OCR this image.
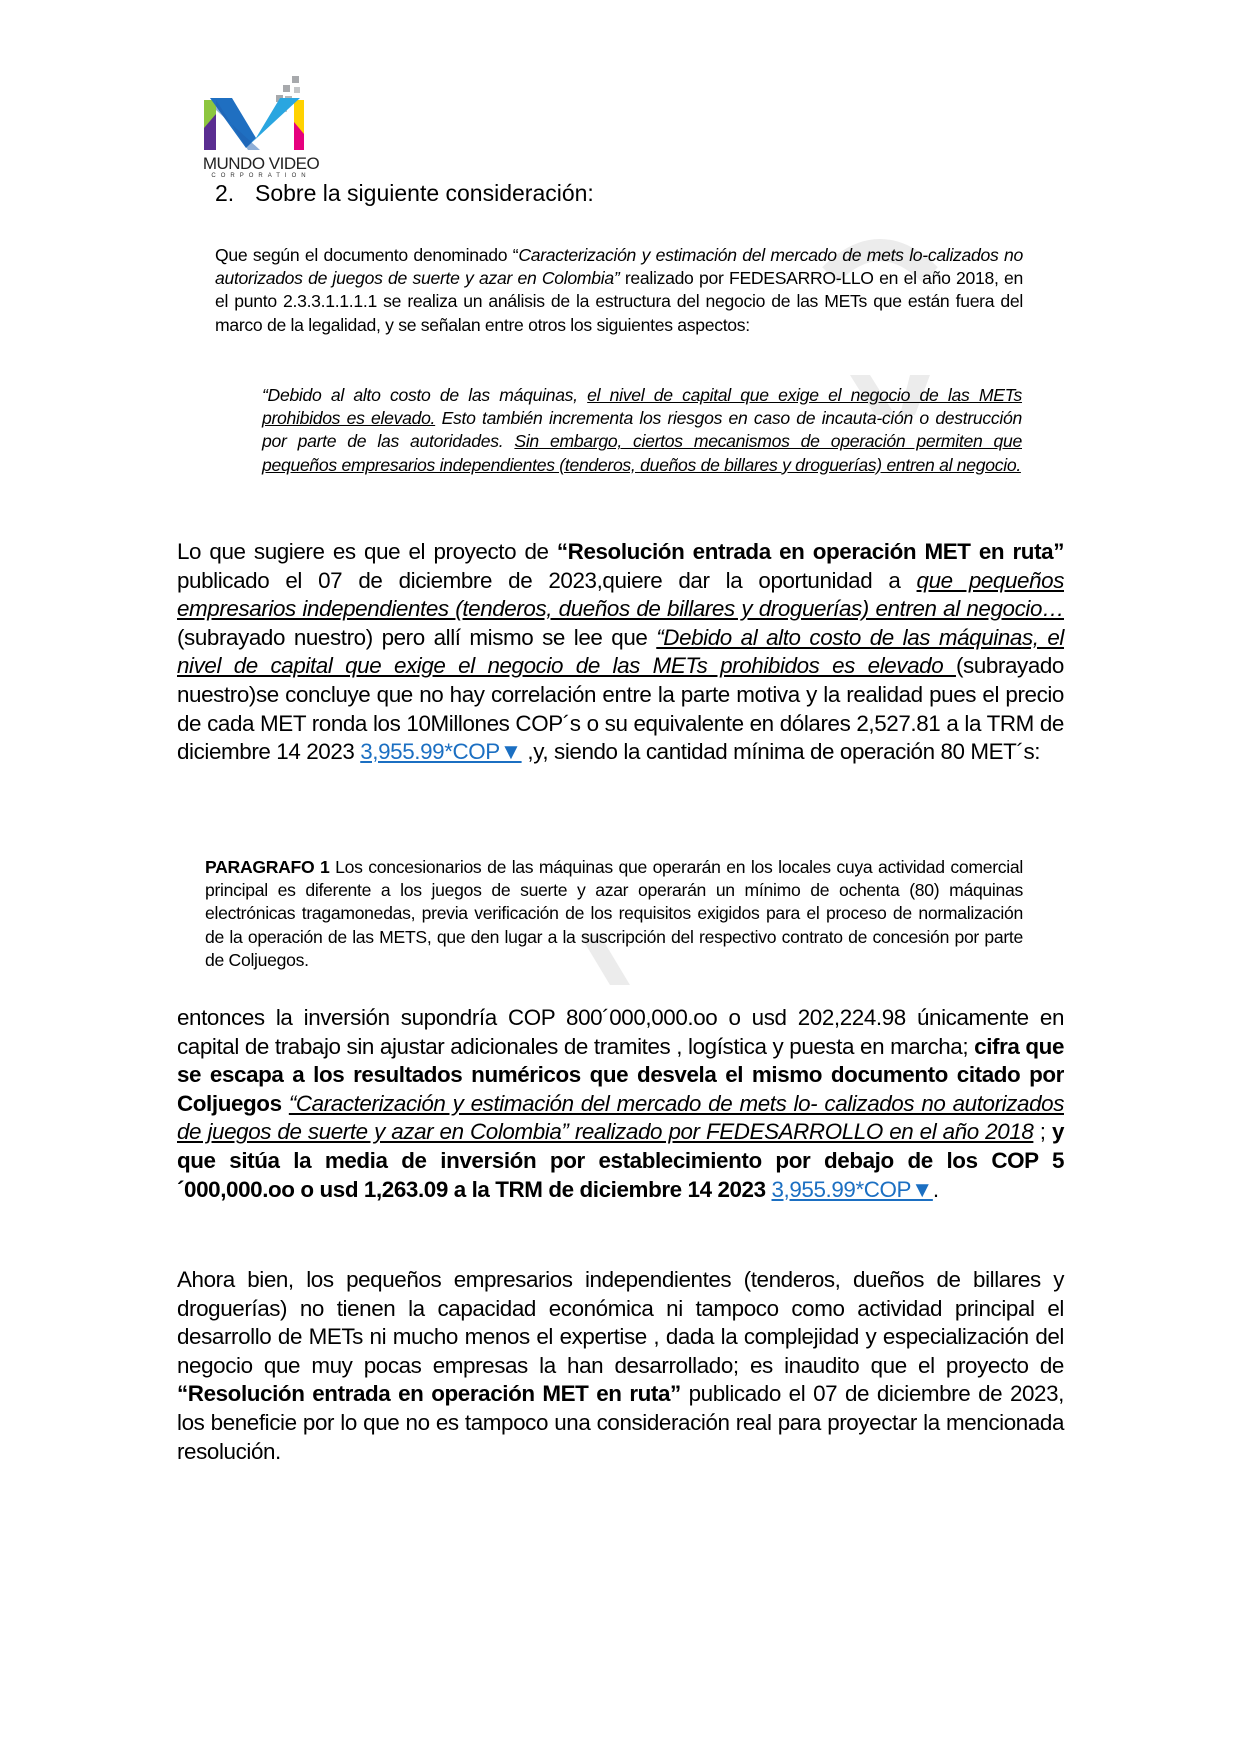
MUNDO VIDEO
CORPORATION
2. Sobre la siguiente consideración:
Que según el documento denominado “Caracterización y estimación del mercado de mets lo-calizados no autorizados de juegos de suerte y azar en Colombia” realizado por FEDESARRO-LLO en el año 2018, en el punto 2.3.3.1.1.1.1 se realiza un análisis de la estructura del negocio de las METs que están fuera del marco de la legalidad, y se señalan entre otros los siguientes aspectos:
“Debido al alto costo de las máquinas, el nivel de capital que exige el negocio de las METs prohibidos es elevado. Esto también incrementa los riesgos en caso de incauta-ción o destrucción por parte de las autoridades. Sin embargo, ciertos mecanismos de operación permiten que pequeños empresarios independientes (tenderos, dueños de billares y droguerías) entren al negocio.
Lo que sugiere es que el proyecto de “Resolución entrada en operación MET en ruta” publicado el 07 de diciembre de 2023,quiere dar la oportunidad a que pequeños empresarios independientes (tenderos, dueños de billares y droguerías) entren al negocio… (subrayado nuestro) pero allí mismo se lee que “Debido al alto costo de las máquinas, el nivel de capital que exige el negocio de las METs prohibidos es elevado (subrayado nuestro)se concluye que no hay correlación entre la parte motiva y la realidad pues el precio de cada MET ronda los 10Millones COP´s o su equivalente en dólares 2,527.81 a la TRM de diciembre 14 2023 3,955.99*COP▼ ,y, siendo la cantidad mínima de operación 80 MET´s:
PARAGRAFO 1 Los concesionarios de las máquinas que operarán en los locales cuya actividad comercial principal es diferente a los juegos de suerte y azar operarán un mínimo de ochenta (80) máquinas electrónicas tragamonedas, previa verificación de los requisitos exigidos para el proceso de normalización de la operación de las METS, que den lugar a la suscripción del respectivo contrato de concesión por parte de Coljuegos.
entonces la inversión supondría COP 800´000,000.oo o usd 202,224.98 únicamente en capital de trabajo sin ajustar adicionales de tramites , logística y puesta en marcha; cifra que se escapa a los resultados numéricos que desvela el mismo documento citado por Coljuegos “Caracterización y estimación del mercado de mets lo- calizados no autorizados de juegos de suerte y azar en Colombia” realizado por FEDESARROLLO en el año 2018 ; y que sitúa la media de inversión por establecimiento por debajo de los COP 5´000,000.oo o usd 1,263.09 a la TRM de diciembre 14 2023 3,955.99*COP▼.
Ahora bien, los pequeños empresarios independientes (tenderos, dueños de billares y droguerías) no tienen la capacidad económica ni tampoco como actividad principal el desarrollo de METs ni mucho menos el expertise , dada la complejidad y especialización del negocio que muy pocas empresas la han desarrollado; es inaudito que el proyecto de “Resolución entrada en operación MET en ruta” publicado el 07 de diciembre de 2023, los beneficie por lo que no es tampoco una consideración real para proyectar la mencionada resolución.
